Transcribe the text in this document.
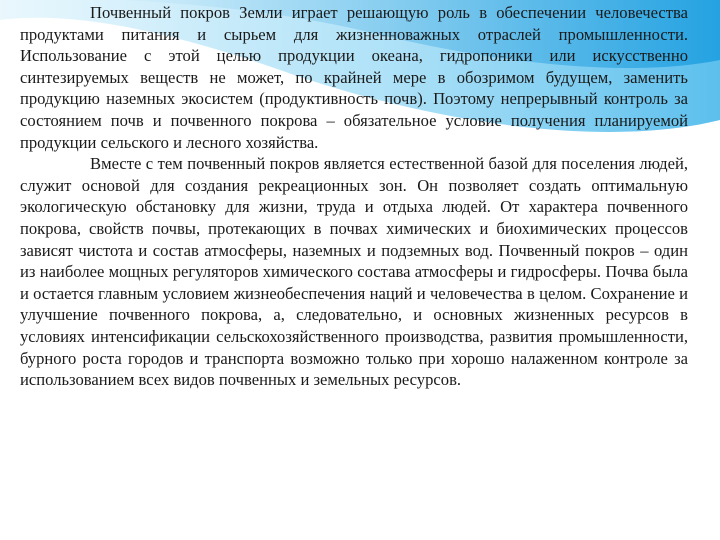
Почвенный покров Земли играет решающую роль в обеспечении человечества продуктами питания и сырьем для жизненноважных отраслей промышленности. Использование с этой целью продукции океана, гидропоники или искусственно синтезируемых веществ не может, по крайней мере в обозримом будущем, заменить продукцию наземных экосистем (продуктивность почв). Поэтому непрерывный контроль за состоянием почв и почвенного покрова – обязательное условие получения планируемой продукции сельского и лесного хозяйства.

Вместе с тем почвенный покров является естественной базой для поселения людей, служит основой для создания рекреационных зон. Он позволяет создать оптимальную экологическую обстановку для жизни, труда и отдыха людей. От характера почвенного покрова, свойств почвы, протекающих в почвах химических и биохимических процессов зависят чистота и состав атмосферы, наземных и подземных вод. Почвенный покров – один из наиболее мощных регуляторов химического состава атмосферы и гидросферы. Почва была и остается главным условием жизнеобеспечения наций и человечества в целом. Сохранение и улучшение почвенного покрова, а, следовательно, и основных жизненных ресурсов в условиях интенсификации сельскохозяйственного производства, развития промышленности, бурного роста городов и транспорта возможно только при хорошо налаженном контроле за использованием всех видов почвенных и земельных ресурсов.
